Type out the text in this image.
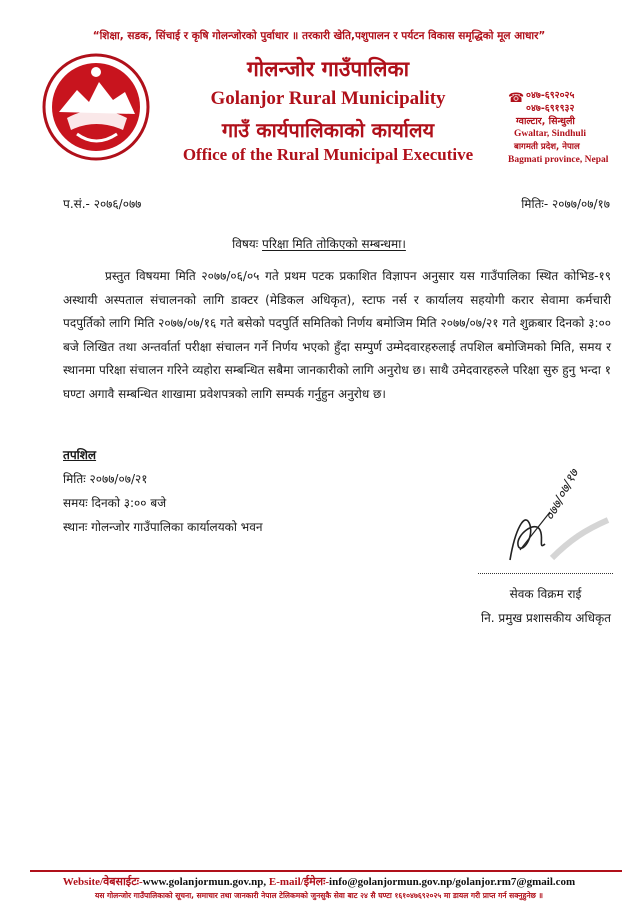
“शिक्षा, सडक, सिंचाई र कृषि गोलन्जोरको पुर्वाधार ॥ तरकारी खेति,पशुपालन र पर्यटन विकास समृद्धिको मूल आधार”
गोलन्जोर गाउँपालिका
Golanjor Rural Municipality
गाउँ कार्यपालिकाको कार्यालय
Office of the Rural Municipal Executive
☎ ०४७-६९२०२५
०४७-६९१९३२
ग्वाल्टार, सिन्धुली
Gwaltar, Sindhuli
बागमती प्रदेश, नेपाल
Bagmati province, Nepal
प.सं.- २०७६/०७७	मितिः- २०७७/०७/१७
विषयः परिक्षा मिति तोकिएको सम्बन्धमा।
प्रस्तुत विषयमा मिति २०७७/०६/०५ गते प्रथम पटक प्रकाशित विज्ञापन अनुसार यस गाउँपालिका स्थित कोभिड-१९ अस्थायी अस्पताल संचालनको लागि डाक्टर (मेडिकल अधिकृत), स्टाफ नर्स र कार्यालय सहयोगी करार सेवामा कर्मचारी पदपुर्तिको लागि मिति २०७७/०७/१६ गते बसेको पदपुर्ति समितिको निर्णय बमोजिम मिति २०७७/०७/२१ गते शुक्रबार दिनको ३:०० बजे लिखित तथा अन्तर्वार्ता परीक्षा संचालन गर्ने निर्णय भएको हुँदा सम्पुर्ण उम्मेदवारहरुलाई तपशिल बमोजिमको मिति, समय र स्थानमा परिक्षा संचालन गरिने व्यहोरा सम्बन्धित सबैमा जानकारीको लागि अनुरोध छ। साथै उमेदवारहरुले परिक्षा सुरु हुनु भन्दा १ घण्टा अगावै सम्बन्धित शाखामा प्रवेशपत्रको लागि सम्पर्क गर्नुहुन अनुरोध छ।
तपशिल
मितिः २०७७/०७/२१
समयः दिनको ३:०० बजे
स्थानः गोलन्जोर गाउँपालिका कार्यालयको भवन
०७७/०७/१७
सेवक विक्रम राई
नि. प्रमुख प्रशासकीय अधिकृत
Website/वेबसाईटः-www.golanjormun.gov.np, E-mail/ईमेलः-info@golanjormun.gov.np/golanjor.rm7@gmail.com
यस गोलन्जोर गाउँपालिकाको सूचना, समाचार तथा जानकारी नेपाल टेलिकमको जुनसुकै सेवा बाट २४ सै घण्टा १६१०४७६९२०२५ मा डायल गरी प्राप्त गर्न सक्नुहुनेछ ॥
